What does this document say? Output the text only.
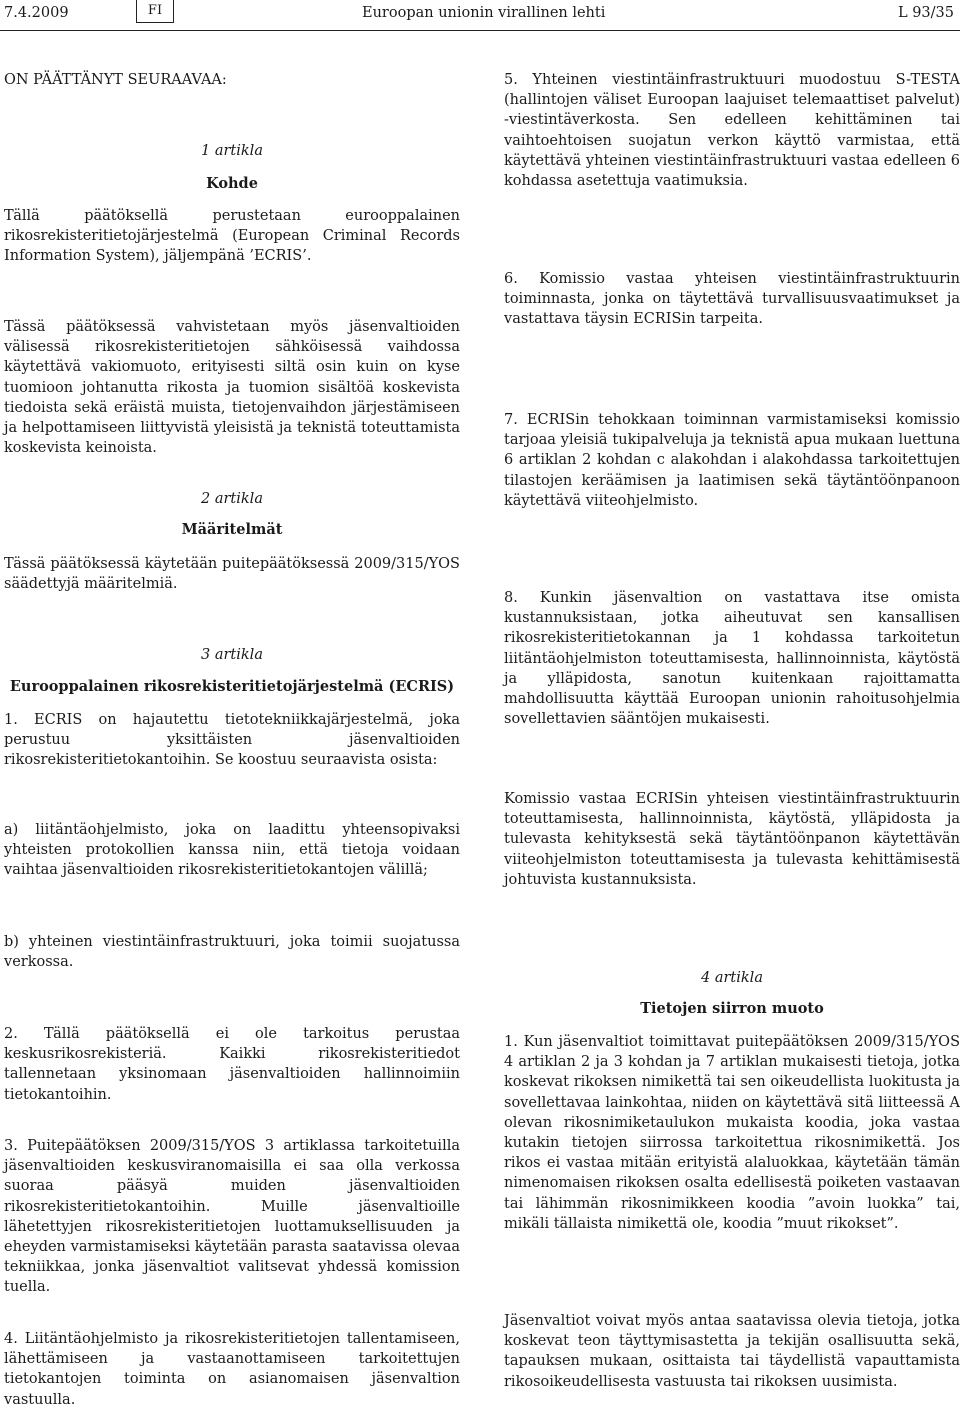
7.4.2009	FI	Euroopan unionin virallinen lehti	L 93/35
ON PÄÄTTÄNYT SEURAAVAA:
1 artikla
Kohde
Tällä päätöksellä perustetaan eurooppalainen rikosrekisteritietojärjestelmä (European Criminal Records Information System), jäljempänä ’ECRIS’.
Tässä päätöksessä vahvistetaan myös jäsenvaltioiden välisessä rikosrekisteritietojen sähköisessä vaihdossa käytettävä vakiomuoto, erityisesti siltä osin kuin on kyse tuomioon johtanutta rikosta ja tuomion sisältöä koskevista tiedoista sekä eräistä muista, tietojenvaihdon järjestämiseen ja helpottamiseen liittyvistä yleisistä ja teknistä toteuttamista koskevista keinoista.
2 artikla
Määritelmät
Tässä päätöksessä käytetään puitepäätöksessä 2009/315/YOS säädettyjä määritelmiä.
3 artikla
Eurooppalainen rikosrekisteritietojärjestelmä (ECRIS)
1. ECRIS on hajautettu tietotekniikkajärjestelmä, joka perustuu yksittäisten jäsenvaltioiden rikosrekisteritietokantoihin. Se koostuu seuraavista osista:
a) liitäntäohjelmisto, joka on laadittu yhteensopivaksi yhteisten protokollien kanssa niin, että tietoja voidaan vaihtaa jäsenvaltioiden rikosrekisteritietokantojen välillä;
b) yhteinen viestintäinfrastruktuuri, joka toimii suojatussa verkossa.
2. Tällä päätöksellä ei ole tarkoitus perustaa keskusrikosrekisteriä. Kaikki rikosrekisteritiedot tallennetaan yksinomaan jäsenvaltioiden hallinnoimiin tietokantoihin.
3. Puitepäätöksen 2009/315/YOS 3 artiklassa tarkoitetuilla jäsenvaltioiden keskusviranomaisilla ei saa olla verkossa suoraa pääsyä muiden jäsenvaltioiden rikosrekisteritietokantoihin. Muille jäsenvaltioille lähetettyjen rikosrekisteritietojen luottamuksellisuuden ja eheyden varmistamiseksi käytetään parasta saatavissa olevaa tekniikkaa, jonka jäsenvaltiot valitsevat yhdessä komission tuella.
4. Liitäntäohjelmisto ja rikosrekisteritietojen tallentamiseen, lähettämiseen ja vastaanottamiseen tarkoitettujen tietokantojen toiminta on asianomaisen jäsenvaltion vastuulla.
5. Yhteinen viestintäinfrastruktuuri muodostuu S-TESTA (hallintojen väliset Euroopan laajuiset telemaattiset palvelut) -viestintäverkosta. Sen edelleen kehittäminen tai vaihtoehtoisen suojatun verkon käyttö varmistaa, että käytettävä yhteinen viestintäinfrastruktuuri vastaa edelleen 6 kohdassa asetettuja vaatimuksia.
6. Komissio vastaa yhteisen viestintäinfrastruktuurin toiminnasta, jonka on täytettävä turvallisuusvaatimukset ja vastattava täysin ECRISin tarpeita.
7. ECRISin tehokkaan toiminnan varmistamiseksi komissio tarjoaa yleisiä tukipalveluja ja teknistä apua mukaan luettuna 6 artiklan 2 kohdan c alakohdan i alakohdassa tarkoitettujen tilastojen keräämisen ja laatimisen sekä täytäntöönpanoon käytettävä viiteohjelmisto.
8. Kunkin jäsenvaltion on vastattava itse omista kustannuksistaan, jotka aiheutuvat sen kansallisen rikosrekisteritietokannan ja 1 kohdassa tarkoitetun liitäntäohjelmiston toteuttamisesta, hallinnoinnista, käytöstä ja ylläpidosta, sanotun kuitenkaan rajoittamatta mahdollisuutta käyttää Euroopan unionin rahoitusohjelmia sovellettavien sääntöjen mukaisesti.
Komissio vastaa ECRISin yhteisen viestintäinfrastruktuurin toteuttamisesta, hallinnoinnista, käytöstä, ylläpidosta ja tulevasta kehityksestä sekä täytäntöönpanon käytettävän viiteohjelmiston toteuttamisesta ja tulevasta kehittämisestä johtuvista kustannuksista.
4 artikla
Tietojen siirron muoto
1. Kun jäsenvaltiot toimittavat puitepäätöksen 2009/315/YOS 4 artiklan 2 ja 3 kohdan ja 7 artiklan mukaisesti tietoja, jotka koskevat rikoksen nimikettä tai sen oikeudellista luokitusta ja sovellettavaa lainkohtaa, niiden on käytettävä sitä liitteessä A olevan rikosnimiketaulukon mukaista koodia, joka vastaa kutakin tietojen siirrossa tarkoitettua rikosnimikettä. Jos rikos ei vastaa mitään erityistä alaluokkaa, käytetään tämän nimenomaisen rikoksen osalta edellisestä poiketen vastaavan tai lähimmän rikosnimikkeen koodia ”avoin luokka” tai, mikäli tällaista nimikettä ole, koodia ”muut rikokset”.
Jäsenvaltiot voivat myös antaa saatavissa olevia tietoja, jotka koskevat teon täyttymisastetta ja tekijän osallisuutta sekä, tapauksen mukaan, osittaista tai täydellistä vapauttamista rikosoikeudellisesta vastuusta tai rikoksen uusimista.
